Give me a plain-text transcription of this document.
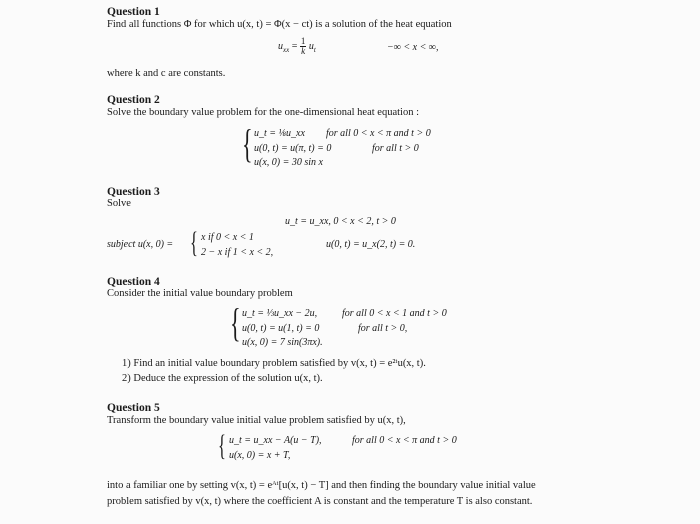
Question 1
Find all functions Φ for which u(x, t) = Φ(x − ct) is a solution of the heat equation
$u_{xx} = \frac{1}{k} u_t$	−∞ < x < ∞,
where k and c are constants.
Question 2
Solve the boundary value problem for the one-dimensional heat equation :
{ u_t = ⅛u_xx for all 0 < x < π and t > 0
u(0, t) = u(π, t) = 0	for all t > 0
u(x, 0) = 30 sin x
Question 3
Solve
u_t = u_xx, 0 < x < 2, t > 0
subject u(x, 0) = { x if 0 < x < 1
2 − x if 1 < x < 2,
u(0, t) = u_x(2, t) = 0.
Question 4
Consider the initial value boundary problem
{ u_t = ⅓u_xx − 2u, for all 0 < x < 1 and t > 0
u(0, t) = u(1, t) = 0	for all t > 0,
u(x, 0) = 7 sin(3πx).
1) Find an initial value boundary problem satisfied by v(x, t) = e²ᵗu(x, t).
2) Deduce the expression of the solution u(x, t).
Question 5
Transform the boundary value initial value problem satisfied by u(x, t),
{ u_t = u_xx − A(u − T),	for all 0 < x < π and t > 0
u(x, 0) = x + T,
into a familiar one by setting v(x, t) = eᴬᵗ[u(x, t) − T] and then finding the boundary value initial value
problem satisfied by v(x, t) where the coefficient A is constant and the temperature T is also constant.
